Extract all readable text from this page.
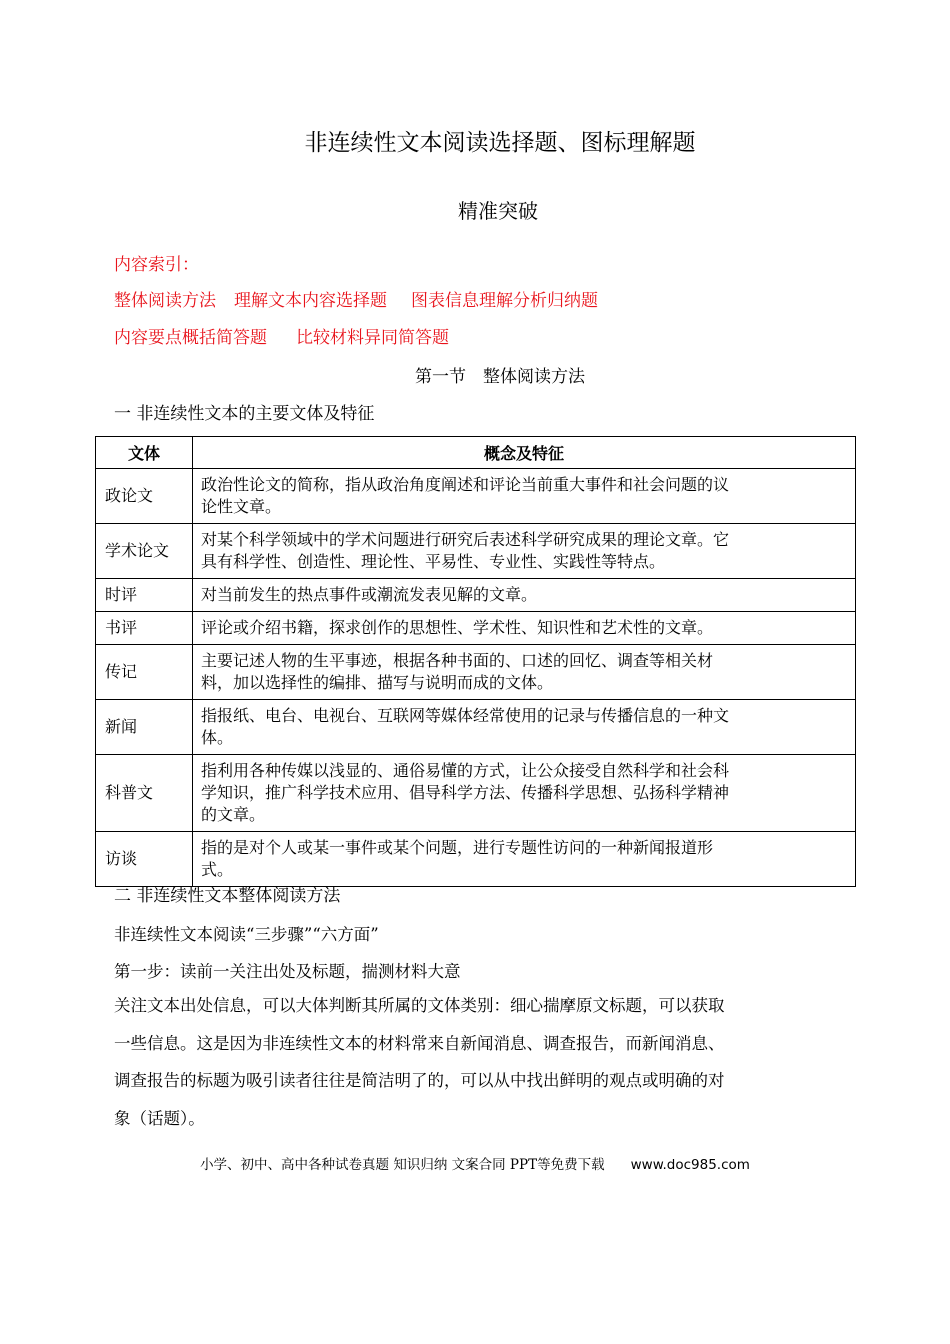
非连续性文本阅读选择题、图标理解题
精准突破
内容索引：
整体阅读方法 理解文本内容选择题 图表信息理解分析归纳题
内容要点概括简答题 比较材料异同简答题
第一节　整体阅读方法
一 非连续性文本的主要文体及特征
文体	概念及特征
政论文	政治性论文的简称，指从政治角度阐述和评论当前重大事件和社会问题的议
论性文章。

学术论文	对某个科学领域中的学术问题进行研究后表述科学研究成果的理论文章。它
具有科学性、创造性、理论性、平易性、专业性、实践性等特点。

时评	对当前发生的热点事件或潮流发表见解的文章。

书评	评论或介绍书籍，探求创作的思想性、学术性、知识性和艺术性的文章。

传记	主要记述人物的生平事迹，根据各种书面的、口述的回忆、调查等相关材
料，加以选择性的编排、描写与说明而成的文体。

新闻	指报纸、电台、电视台、互联网等媒体经常使用的记录与传播信息的一种文
体。

科普文	指利用各种传媒以浅显的、通俗易懂的方式，让公众接受自然科学和社会科
学知识，推广科学技术应用、倡导科学方法、传播科学思想、弘扬科学精神
的文章。

访谈	指的是对个人或某一事件或某个问题，进行专题性访问的一种新闻报道形
式。
二 非连续性文本整体阅读方法
非连续性文本阅读“三步骤”“六方面”
第一步：读前一关注出处及标题，揣测材料大意
关注文本出处信息，可以大体判断其所属的文体类别：细心揣摩原文标题，可以获取
一些信息。这是因为非连续性文本的材料常来自新闻消息、调查报告，而新闻消息、
调查报告的标题为吸引读者往往是简洁明了的，可以从中找出鲜明的观点或明确的对
象（话题）。
小学、初中、高中各种试卷真题 知识归纳 文案合同 PPT等免费下载 www.doc985.com
